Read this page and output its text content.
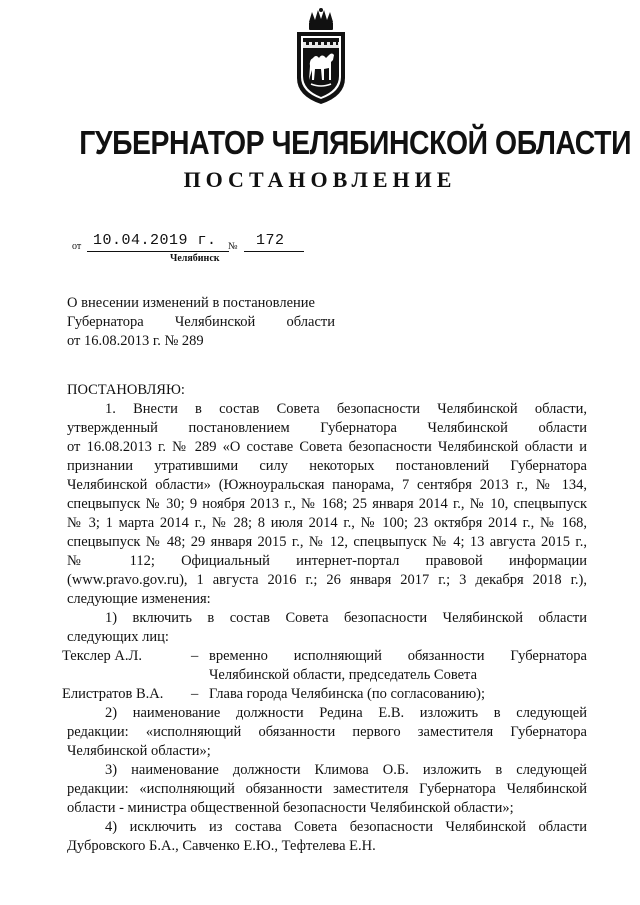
ГУБЕРНАТОР ЧЕЛЯБИНСКОЙ ОБЛАСТИ
ПОСТАНОВЛЕНИЕ
от 10.04.2019 г. № 172
Челябинск
О внесении изменений в постановление
Губернатора Челябинской области
от 16.08.2013 г. № 289
ПОСТАНОВЛЯЮ:
1. Внести в состав Совета безопасности Челябинской области,
утвержденный постановлением Губернатора Челябинской области
от 16.08.2013 г. № 289 «О составе Совета безопасности Челябинской области и
признании утратившими силу некоторых постановлений Губернатора
Челябинской области» (Южноуральская панорама, 7 сентября 2013 г., № 134,
спецвыпуск № 30; 9 ноября 2013 г., № 168; 25 января 2014 г., № 10, спецвыпуск
№ 3; 1 марта 2014 г., № 28; 8 июля 2014 г., № 100; 23 октября 2014 г., № 168,
спецвыпуск № 48; 29 января 2015 г., № 12, спецвыпуск № 4; 13 августа 2015 г.,
№ 112; Официальный интернет-портал правовой информации
(www.pravo.gov.ru), 1 августа 2016 г.; 26 января 2017 г.; 3 декабря 2018 г.),
следующие изменения:
1) включить в состав Совета безопасности Челябинской области
следующих лиц:
Текслер А.Л.	– временно исполняющий обязанности Губернатора
Челябинской области, председатель Совета
Елистратов В.А. – Глава города Челябинска (по согласованию);
2) наименование должности Редина Е.В. изложить в следующей
редакции: «исполняющий обязанности первого заместителя Губернатора
Челябинской области»;
3) наименование должности Климова О.Б. изложить в следующей
редакции: «исполняющий обязанности заместителя Губернатора Челябинской
области - министра общественной безопасности Челябинской области»;
4) исключить из состава Совета безопасности Челябинской области
Дубровского Б.А., Савченко Е.Ю., Тефтелева Е.Н.
